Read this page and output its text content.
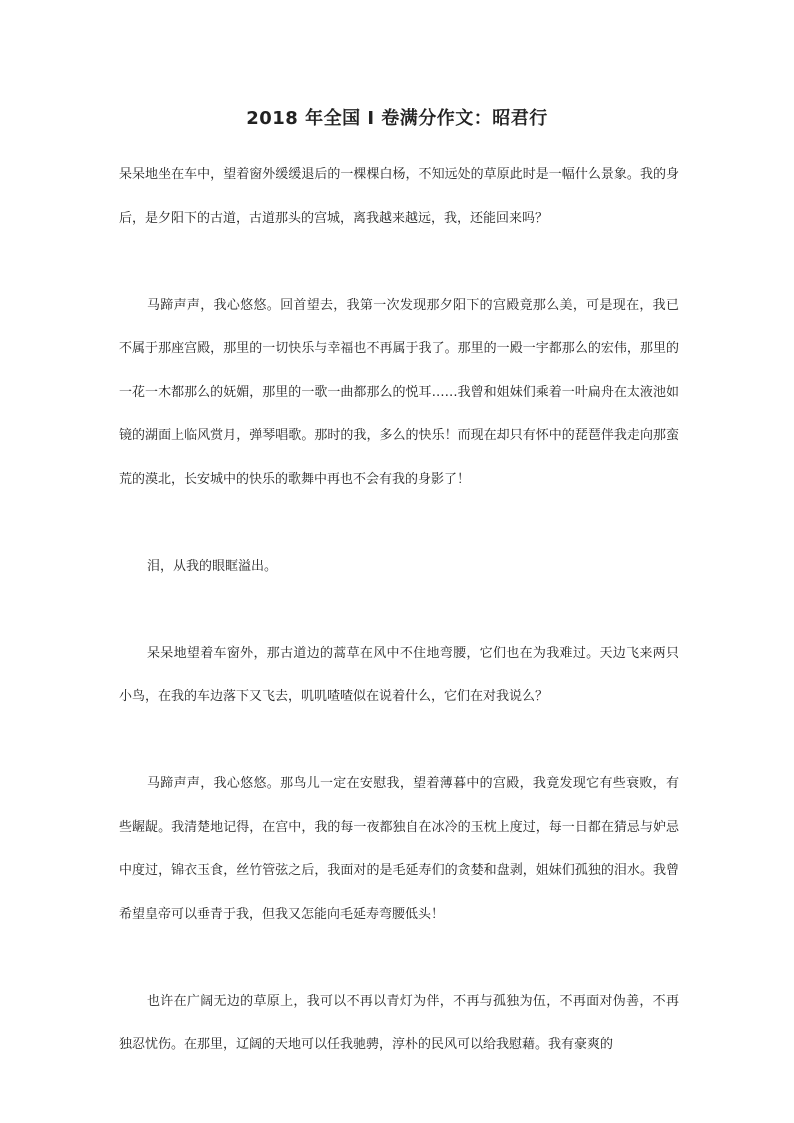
2018 年全国 I 卷满分作文：昭君行

呆呆地坐在车中，望着窗外缓缓退后的一棵棵白杨，不知远处的草原此时是一幅什么景象。我的身后，是夕阳下的古道，古道那头的宫城，离我越来越远，我，还能回来吗？

马蹄声声，我心悠悠。回首望去，我第一次发现那夕阳下的宫殿竟那么美，可是现在，我已不属于那座宫殿，那里的一切快乐与幸福也不再属于我了。那里的一殿一宇都那么的宏伟，那里的一花一木都那么的妩媚，那里的一歌一曲都那么的悦耳……我曾和姐妹们乘着一叶扁舟在太液池如镜的湖面上临风赏月，弹琴唱歌。那时的我，多么的快乐！而现在却只有怀中的琵琶伴我走向那蛮荒的漠北，长安城中的快乐的歌舞中再也不会有我的身影了！

泪，从我的眼眶溢出。

呆呆地望着车窗外，那古道边的蒿草在风中不住地弯腰，它们也在为我难过。天边飞来两只小鸟，在我的车边落下又飞去，叽叽喳喳似在说着什么，它们在对我说么？

马蹄声声，我心悠悠。那鸟儿一定在安慰我，望着薄暮中的宫殿，我竟发现它有些衰败，有些龌龊。我清楚地记得，在宫中，我的每一夜都独自在冰冷的玉枕上度过，每一日都在猜忌与妒忌中度过，锦衣玉食，丝竹管弦之后，我面对的是毛延寿们的贪婪和盘剥，姐妹们孤独的泪水。我曾希望皇帝可以垂青于我，但我又怎能向毛延寿弯腰低头！

也许在广阔无边的草原上，我可以不再以青灯为伴，不再与孤独为伍，不再面对伪善，不再独忍忧伤。在那里，辽阔的天地可以任我驰骋，淳朴的民风可以给我慰藉。我有豪爽的
